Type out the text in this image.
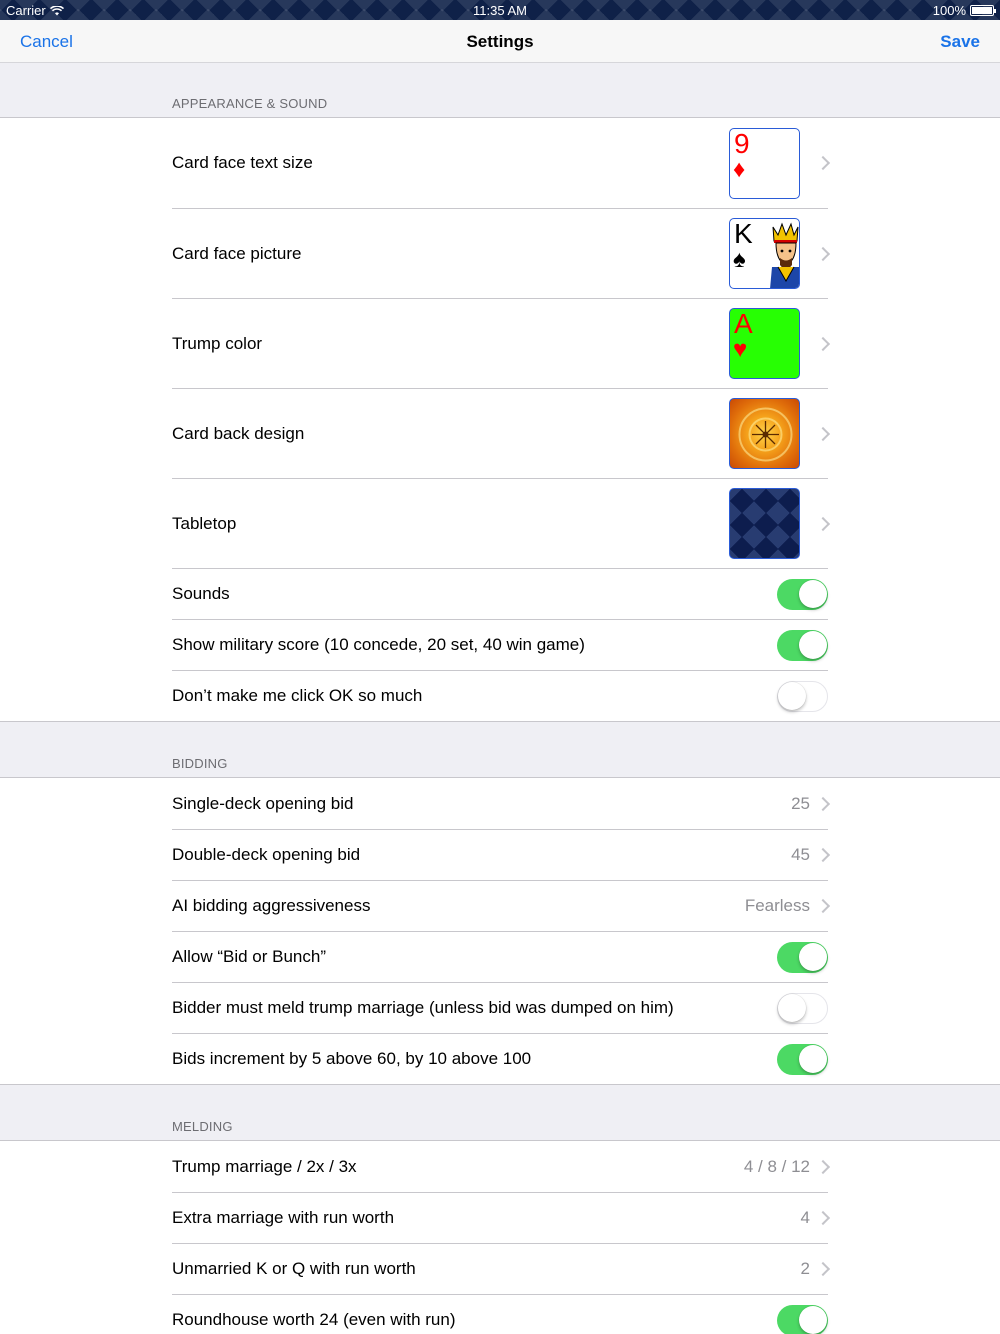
Carrier	11:35 AM	100%
Cancel	Settings	Save
APPEARANCE & SOUND
Card face text size
9
♦
Card face picture
K
♠
Trump color
A
♥
Card back design
Tabletop
Sounds
Show military score (10 concede, 20 set, 40 win game)
Don’t make me click OK so much
BIDDING
Single-deck opening bid	25
Double-deck opening bid	45
AI bidding aggressiveness	Fearless
Allow “Bid or Bunch”
Bidder must meld trump marriage (unless bid was dumped on him)
Bids increment by 5 above 60, by 10 above 100
MELDING
Trump marriage / 2x / 3x	4 / 8 / 12
Extra marriage with run worth	4
Unmarried K or Q with run worth	2
Roundhouse worth 24 (even with run)
